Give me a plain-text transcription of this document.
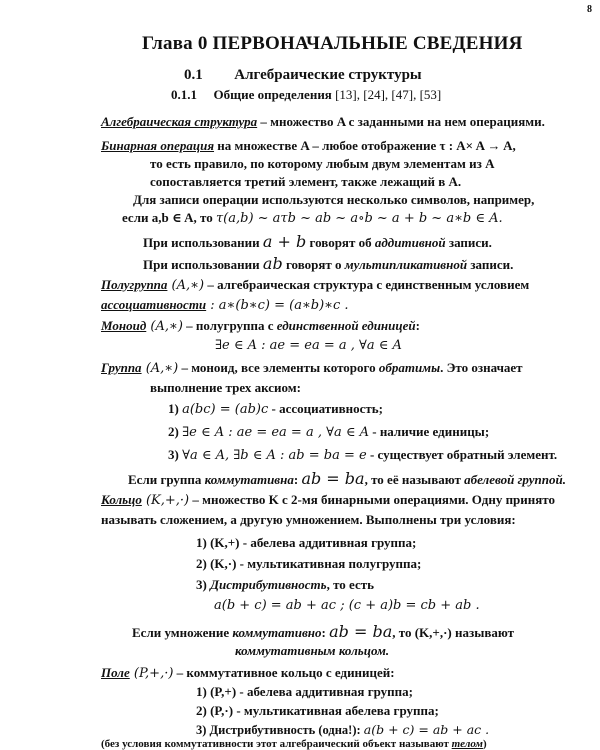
Глава 0 ПЕРВОНАЧАЛЬНЫЕ СВЕДЕНИЯ
0.1 Алгебраические структуры
0.1.1 Общие определения [13], [24], [47], [53]
Алгебраическая структура – множество A с заданными на нем операциями.
Бинарная операция на множестве A – любое отображение τ : A× A → A,
то есть правило, по которому любым двум элементам из A
сопоставляется третий элемент, также лежащий в A.
Для записи операции используются несколько символов, например,
если a,b ∈ A, то τ(a,b) ~ aτb ~ ab ~ a∘b ~ a + b ~ a∗b ∈ A.
При использовании a + b говорят об аддитивной записи.
При использовании ab говорят о мультипликативной записи.
Полугруппа (A,∗) – алгебраическая структура с единственным условием
ассоциативности : a∗(b∗c) = (a∗b)∗c .
Моноид (A,∗) – полугруппа с единственной единицей:
∃e ∈ A : ae = ea = a , ∀a ∈ A
Группа (A,∗) – моноид, все элементы которого обратимы. Это означает
выполнение трех аксиом:
1) a(bc) = (ab)c - ассоциативность;
2) ∃e ∈ A : ae = ea = a , ∀a ∈ A - наличие единицы;
3) ∀a ∈ A, ∃b ∈ A : ab = ba = e - существует обратный элемент.
Если группа коммутативна: ab = ba, то её называют абелевой группой.
Кольцо (K,+,·) – множество K с 2-мя бинарными операциями. Одну принято
называть сложением, а другую умножением. Выполнены три условия:
1) (K,+) - абелева аддитивная группа;
2) (K,·) - мультикативная полугруппа;
3) Дистрибутивность, то есть
a(b + c) = ab + ac ; (c + a)b = cb + ab .
Если умножение коммутативно: ab = ba, то (K,+,·) называют
коммутативным кольцом.
Поле (P,+,·) – коммутативное кольцо с единицей:
1) (P,+) - абелева аддитивная группа;
2) (P,·) - мультикативная абелева группа;
3) Дистрибутивность (одна!): a(b + c) = ab + ac .
(без условия коммутативности этот алгебраический объект называют телом)
8
